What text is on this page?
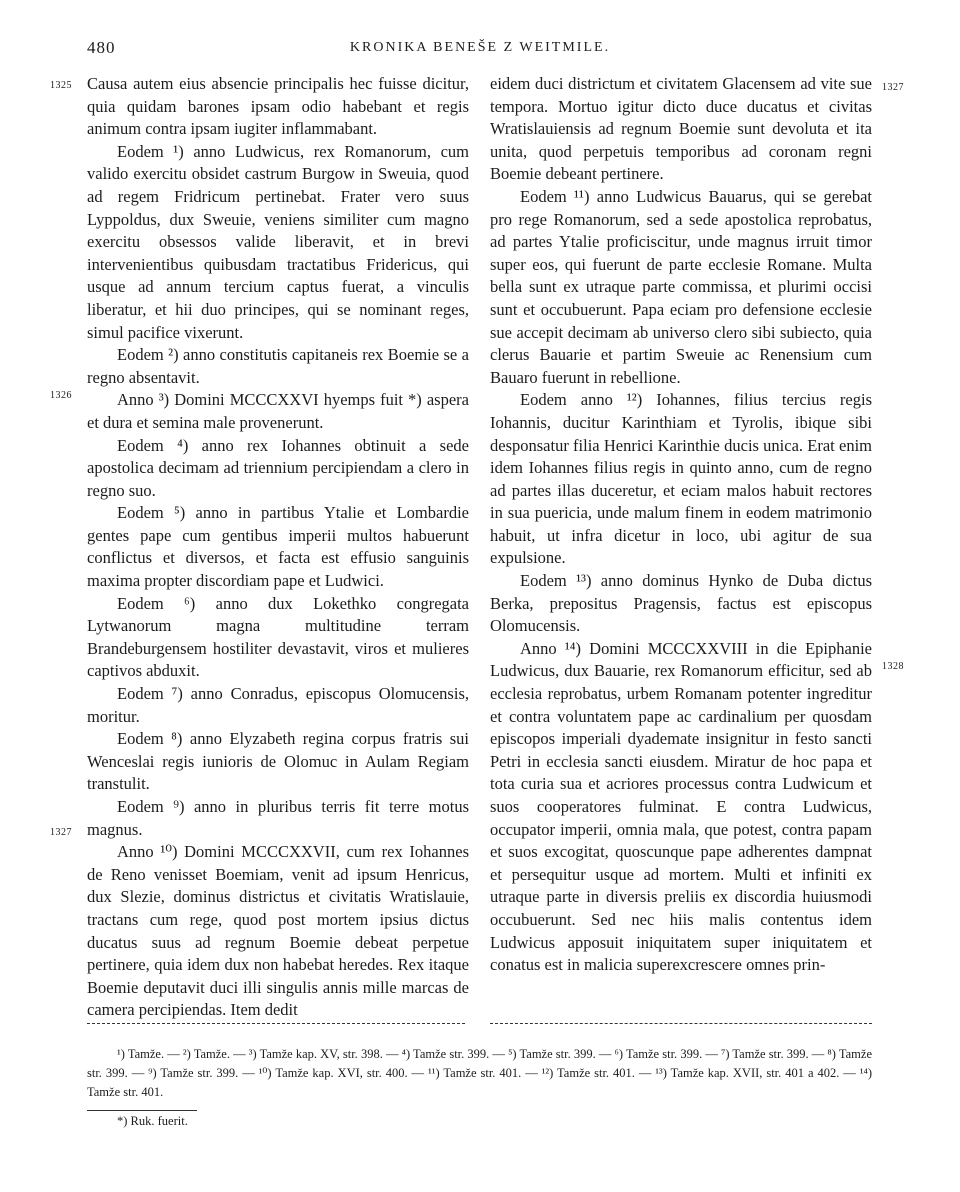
480	KRONIKA BENEŠE Z WEITMILE.
1325
1326
1327
1327
1328

Causa autem eius absencie principalis hec fuisse dicitur, quia quidam barones ipsam odio habebant et regis animum contra ipsam iugiter inflammabant.

Eodem ¹) anno Ludwicus, rex Romanorum, cum valido exercitu obsidet castrum Burgow in Sweuia, quod ad regem Fridricum pertinebat. Frater vero suus Lyppoldus, dux Sweuie, veniens similiter cum magno exercitu obsessos valide liberavit, et in brevi intervenientibus quibusdam tractatibus Fridericus, qui usque ad annum tercium captus fuerat, a vinculis liberatur, et hii duo principes, qui se nominant reges, simul pacifice vixerunt.

Eodem ²) anno constitutis capitaneis rex Boemie se a regno absentavit.

Anno ³) Domini MCCCXXVI hyemps fuit *) aspera et dura et semina male provenerunt.

Eodem ⁴) anno rex Iohannes obtinuit a sede apostolica decimam ad triennium percipiendam a clero in regno suo.

Eodem ⁵) anno in partibus Ytalie et Lombardie gentes pape cum gentibus imperii multos habuerunt conflictus et diversos, et facta est effusio sanguinis maxima propter discordiam pape et Ludwici.

Eodem ⁶) anno dux Lokethko congregata Lytwanorum magna multitudine terram Brandeburgensem hostiliter devastavit, viros et mulieres captivos abduxit.

Eodem ⁷) anno Conradus, episcopus Olomucensis, moritur.

Eodem ⁸) anno Elyzabeth regina corpus fratris sui Wenceslai regis iunioris de Olomuc in Aulam Regiam transtulit.

Eodem ⁹) anno in pluribus terris fit terre motus magnus.

Anno ¹⁰) Domini MCCCXXVII, cum rex Iohannes de Reno venisset Boemiam, venit ad ipsum Henricus, dux Slezie, dominus districtus et civitatis Wratislauie, tractans cum rege, quod post mortem ipsius dictus ducatus suus ad regnum Boemie debeat perpetue pertinere, quia idem dux non habebat heredes. Rex itaque Boemie deputavit duci illi singulis annis mille marcas de camera percipiendas. Item dedit

eidem duci districtum et civitatem Glacensem ad vite sue tempora. Mortuo igitur dicto duce ducatus et civitas Wratislauiensis ad regnum Boemie sunt devoluta et ita unita, quod perpetuis temporibus ad coronam regni Boemie debeant pertinere.

Eodem ¹¹) anno Ludwicus Bauarus, qui se gerebat pro rege Romanorum, sed a sede apostolica reprobatus, ad partes Ytalie proficiscitur, unde magnus irruit timor super eos, qui fuerunt de parte ecclesie Romane. Multa bella sunt ex utraque parte commissa, et plurimi occisi sunt et occubuerunt. Papa eciam pro defensione ecclesie sue accepit decimam ab universo clero sibi subiecto, quia clerus Bauarie et partim Sweuie ac Renensium cum Bauaro fuerunt in rebellione.

Eodem anno ¹²) Iohannes, filius tercius regis Iohannis, ducitur Karinthiam et Tyrolis, ibique sibi desponsatur filia Henrici Karinthie ducis unica. Erat enim idem Iohannes filius regis in quinto anno, cum de regno ad partes illas duceretur, et eciam malos habuit rectores in sua puericia, unde malum finem in eodem matrimonio habuit, ut infra dicetur in loco, ubi agitur de sua expulsione.

Eodem ¹³) anno dominus Hynko de Duba dictus Berka, prepositus Pragensis, factus est episcopus Olomucensis.

Anno ¹⁴) Domini MCCCXXVIII in die Epiphanie Ludwicus, dux Bauarie, rex Romanorum efficitur, sed ab ecclesia reprobatus, urbem Romanam potenter ingreditur et contra voluntatem pape ac cardinalium per quosdam episcopos imperiali dyademate insignitur in festo sancti Petri in ecclesia sancti eiusdem. Miratur de hoc papa et tota curia sua et acriores processus contra Ludwicum et suos cooperatores fulminat. E contra Ludwicus, occupator imperii, omnia mala, que potest, contra papam et suos excogitat, quoscunque pape adherentes dampnat et persequitur usque ad mortem. Multi et infiniti ex utraque parte in diversis preliis ex discordia huiusmodi occubuerunt. Sed nec hiis malis contentus idem Ludwicus apposuit iniquitatem super iniquitatem et conatus est in malicia superexcrescere omnes prin-

¹) Tamže. — ²) Tamže. — ³) Tamže kap. XV, str. 398. — ⁴) Tamže str. 399. — ⁵) Tamže str. 399. — ⁶) Tamže str. 399. — ⁷) Tamže str. 399. — ⁸) Tamže str. 399. — ⁹) Tamže str. 399. — ¹⁰) Tamže kap. XVI, str. 400. — ¹¹) Tamže str. 401. — ¹²) Tamže str. 401. — ¹³) Tamže kap. XVII, str. 401 a 402. — ¹⁴) Tamže str. 401.

*) Ruk. fuerit.
